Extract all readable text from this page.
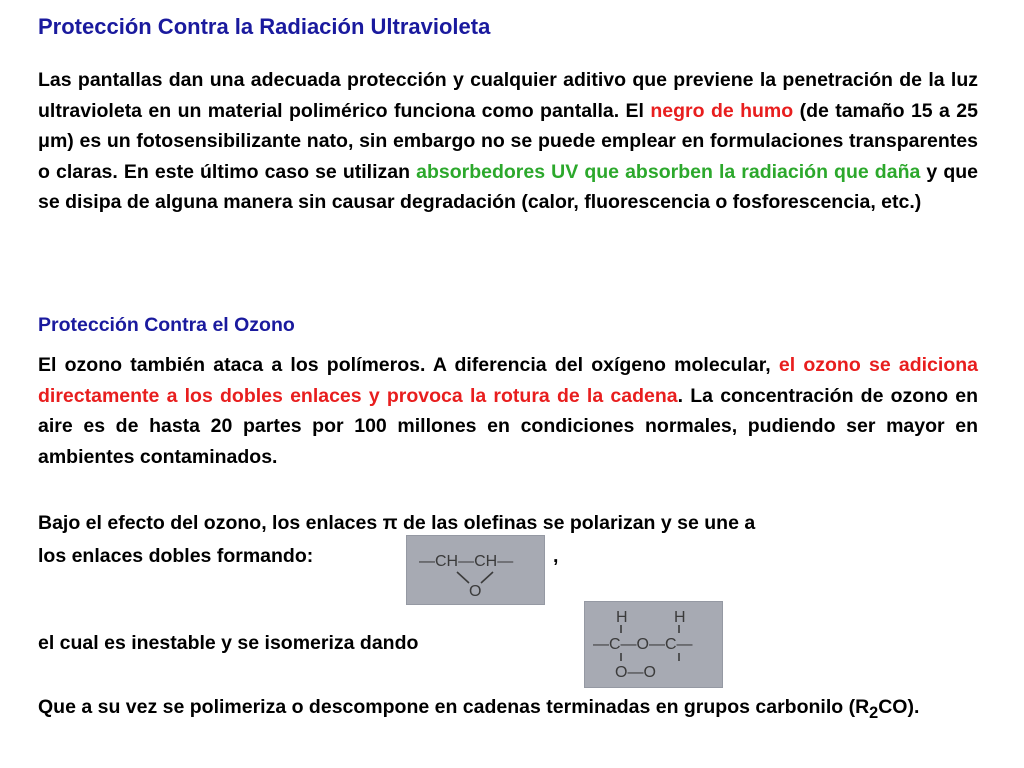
Protección Contra la Radiación Ultravioleta
Las pantallas dan una adecuada protección y cualquier aditivo que previene la penetración de la luz ultravioleta en un material polimérico funciona como pantalla. El negro de humo (de tamaño 15 a 25 μm) es un fotosensibilizante nato, sin embargo no se puede emplear en formulaciones transparentes o claras. En este último caso se utilizan absorbedores UV que absorben la radiación que daña y que se disipa de alguna manera sin causar degradación (calor, fluorescencia o fosforescencia, etc.)
Protección Contra el Ozono
El ozono también ataca a los polímeros. A diferencia del oxígeno molecular, el ozono se adiciona directamente a los dobles enlaces y provoca la rotura de la cadena. La concentración de ozono en aire es de hasta 20 partes por 100 millones en condiciones normales, pudiendo ser mayor en ambientes contaminados.
Bajo el efecto del ozono, los enlaces π de las olefinas se polarizan y se une a
los enlaces dobles formando:	,
—CH—CH—
O
el cual es inestable y se isomeriza dando
H	H
—C—O—C—
O—O
Que a su vez se polimeriza o descompone en cadenas terminadas en grupos carbonilo $(R_2CO)$.
